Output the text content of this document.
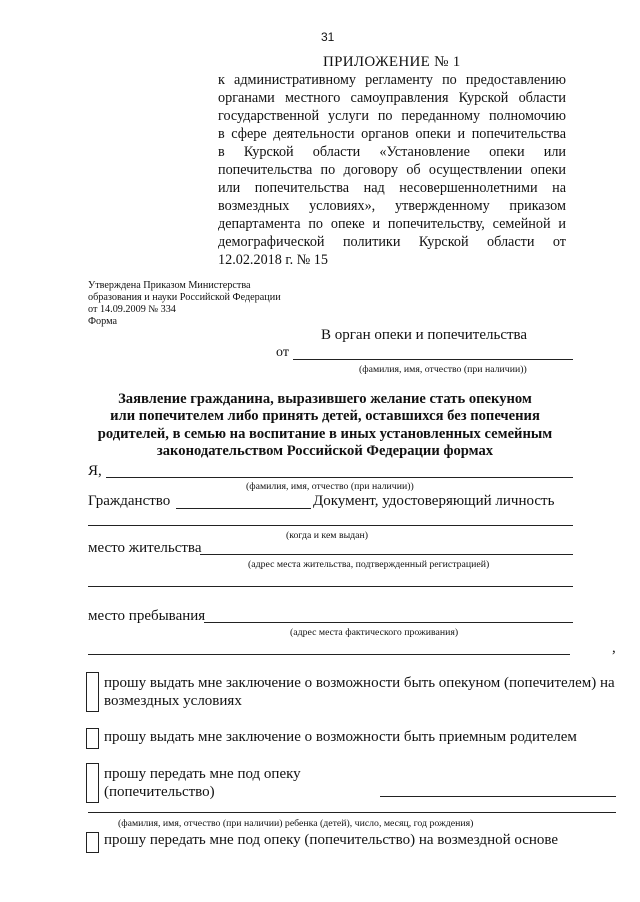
31
ПРИЛОЖЕНИЕ № 1
к административному регламенту по предоставлению
органами местного самоуправления Курской области
государственной услуги по переданному полномочию
в сфере деятельности органов опеки и попечительства
в Курской области «Установление опеки или
попечительства по договору об осуществлении опеки
или попечительства над несовершеннолетними на
возмездных условиях», утвержденному приказом
департамента по опеке и попечительству, семейной и
демографической политики Курской области от
12.02.2018 г. № 15
Утверждена Приказом Министерства
образования и науки Российской Федерации
от 14.09.2009 № 334
Форма
В орган опеки и попечительства
от
(фамилия, имя, отчество (при наличии))
Заявление гражданина, выразившего желание стать опекуном
или попечителем либо принять детей, оставшихся без попечения
родителей, в семью на воспитание в иных установленных семейным
законодательством Российской Федерации формах
Я,
(фамилия, имя, отчество (при наличии))
Гражданство	Документ, удостоверяющий личность
(когда и кем выдан)
место жительства
(адрес места жительства, подтвержденный регистрацией)
место пребывания
(адрес места фактического проживания)
,
прошу выдать мне заключение о возможности быть опекуном (попечителем) на
возмездных условиях
прошу выдать мне заключение о возможности быть приемным родителем
прошу передать мне под опеку
(попечительство)
(фамилия, имя, отчество (при наличии) ребенка (детей), число, месяц, год рождения)
прошу передать мне под опеку (попечительство) на возмездной основе
